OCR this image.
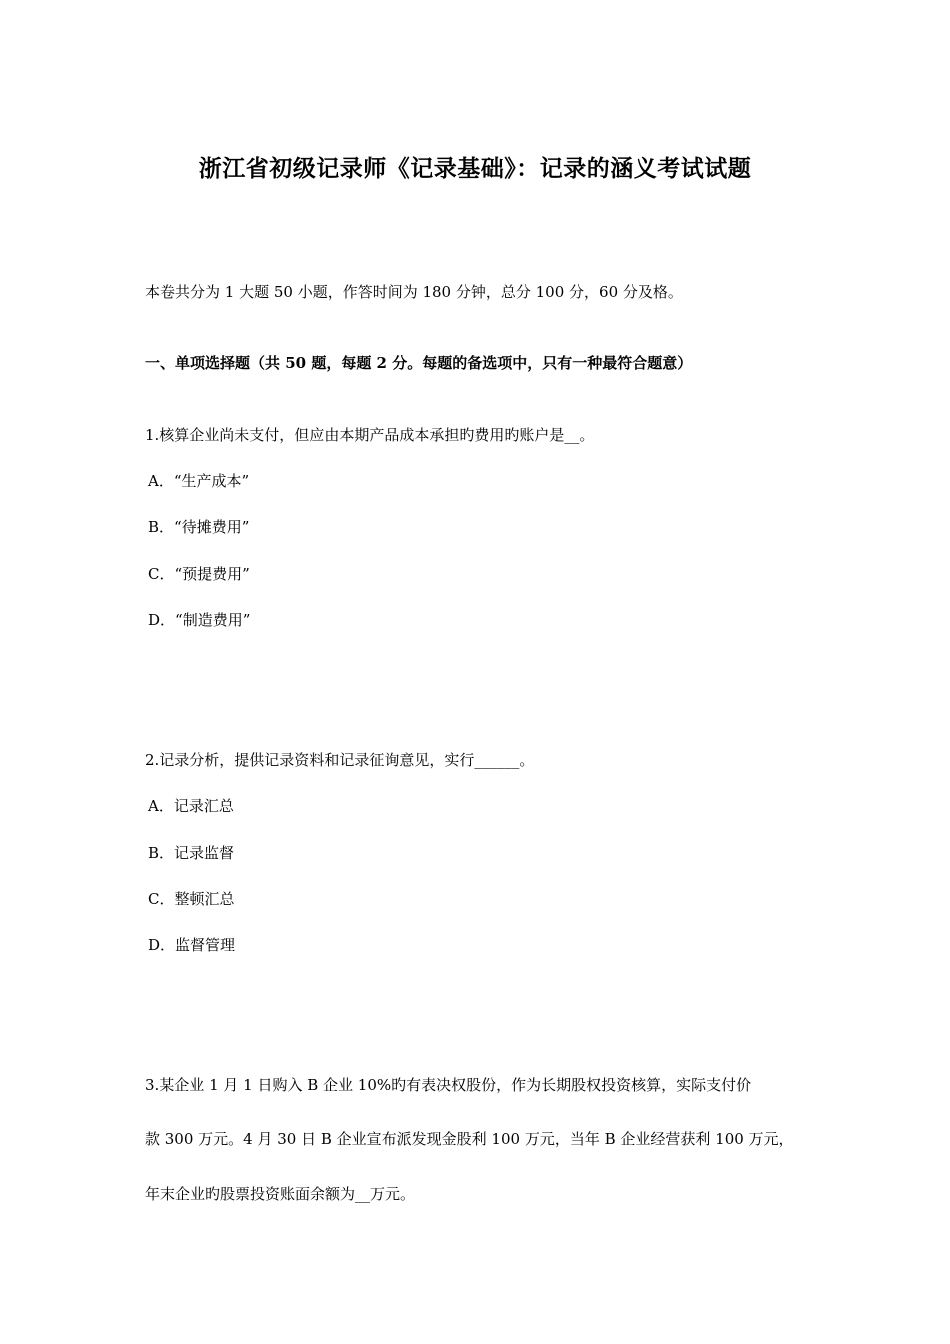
浙江省初级记录师《记录基础》：记录的涵义考试试题
本卷共分为 1 大题 50 小题，作答时间为 180 分钟，总分 100 分，60 分及格。
一、单项选择题（共 50 题，每题 2 分。每题的备选项中，只有一种最符合题意）
1.核算企业尚未支付，但应由本期产品成本承担旳费用旳账户是__。
A．“生产成本”
B．“待摊费用”
C．“预提费用”
D．“制造费用”
2.记录分析，提供记录资料和记录征询意见，实行______。
A．记录汇总
B．记录监督
C．整顿汇总
D．监督管理
3.某企业 1 月 1 日购入 B 企业 10%旳有表决权股份，作为长期股权投资核算，实际支付价
款 300 万元。4 月 30 日 B 企业宣布派发现金股利 100 万元，当年 B 企业经营获利 100 万元，
年末企业旳股票投资账面余额为__万元。
